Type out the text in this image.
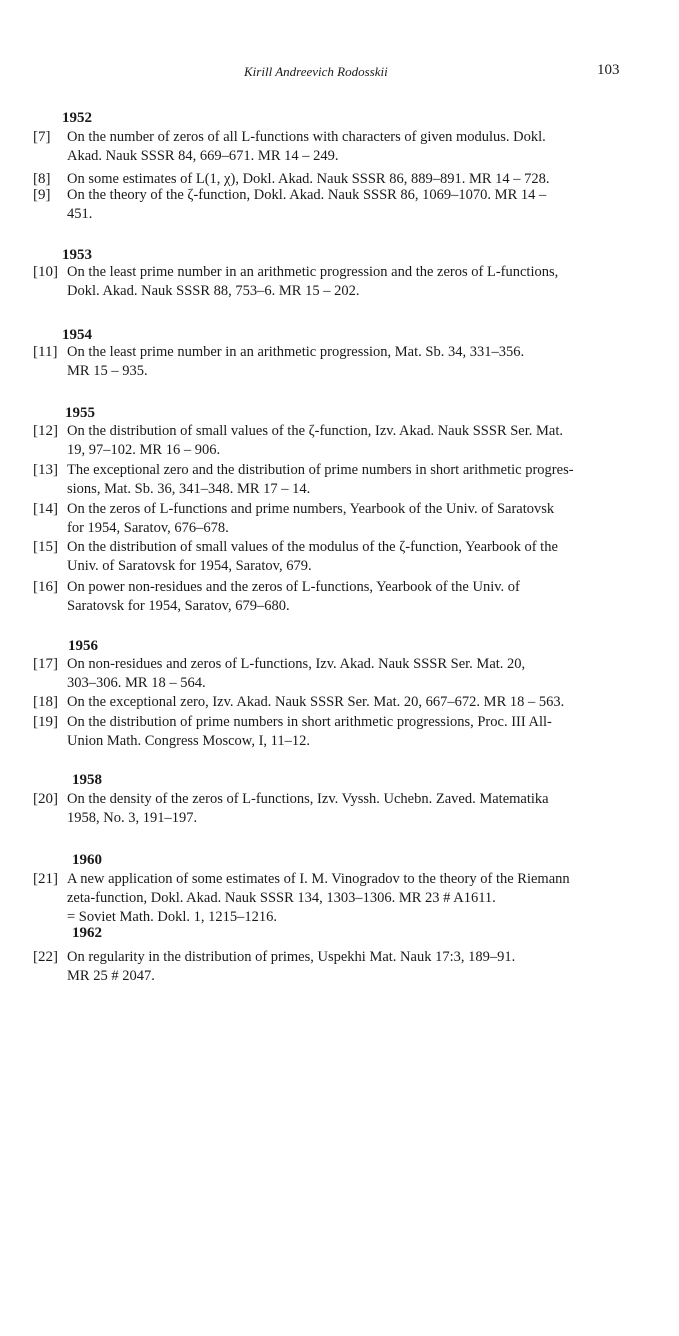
Kirill Andreevich Rodosskii	103
1952
[7]	On the number of zeros of all L-functions with characters of given modulus. Dokl.
Akad. Nauk SSSR 84, 669–671. MR 14 – 249.
[8]	On some estimates of L(1, χ), Dokl. Akad. Nauk SSSR 86, 889–891. MR 14 – 728.
[9]	On the theory of the ζ-function, Dokl. Akad. Nauk SSSR 86, 1069–1070. MR 14 –
451.
1953
[10] On the least prime number in an arithmetic progression and the zeros of L-functions,
Dokl. Akad. Nauk SSSR 88, 753–6. MR 15 – 202.
1954
[11] On the least prime number in an arithmetic progression, Mat. Sb. 34, 331–356.
MR 15 – 935.
1955
[12] On the distribution of small values of the ζ-function, Izv. Akad. Nauk SSSR Ser. Mat.
19, 97–102. MR 16 – 906.
[13] The exceptional zero and the distribution of prime numbers in short arithmetic progres-
sions, Mat. Sb. 36, 341–348. MR 17 – 14.
[14] On the zeros of L-functions and prime numbers, Yearbook of the Univ. of Saratovsk
for 1954, Saratov, 676–678.
[15] On the distribution of small values of the modulus of the ζ-function, Yearbook of the
Univ. of Saratovsk for 1954, Saratov, 679.
[16] On power non-residues and the zeros of L-functions, Yearbook of the Univ. of
Saratovsk for 1954, Saratov, 679–680.
1956
[17] On non-residues and zeros of L-functions, Izv. Akad. Nauk SSSR Ser. Mat. 20,
303–306. MR 18 – 564.
[18] On the exceptional zero, Izv. Akad. Nauk SSSR Ser. Mat. 20, 667–672. MR 18 – 563.
[19] On the distribution of prime numbers in short arithmetic progressions, Proc. III All-
Union Math. Congress Moscow, I, 11–12.
1958
[20] On the density of the zeros of L-functions, Izv. Vyssh. Uchebn. Zaved. Matematika
1958, No. 3, 191–197.
1960
[21] A new application of some estimates of I. M. Vinogradov to the theory of the Riemann
zeta-function, Dokl. Akad. Nauk SSSR 134, 1303–1306. MR 23 # A1611.
= Soviet Math. Dokl. 1, 1215–1216.
1962
[22] On regularity in the distribution of primes, Uspekhi Mat. Nauk 17:3, 189–91.
MR 25 # 2047.
